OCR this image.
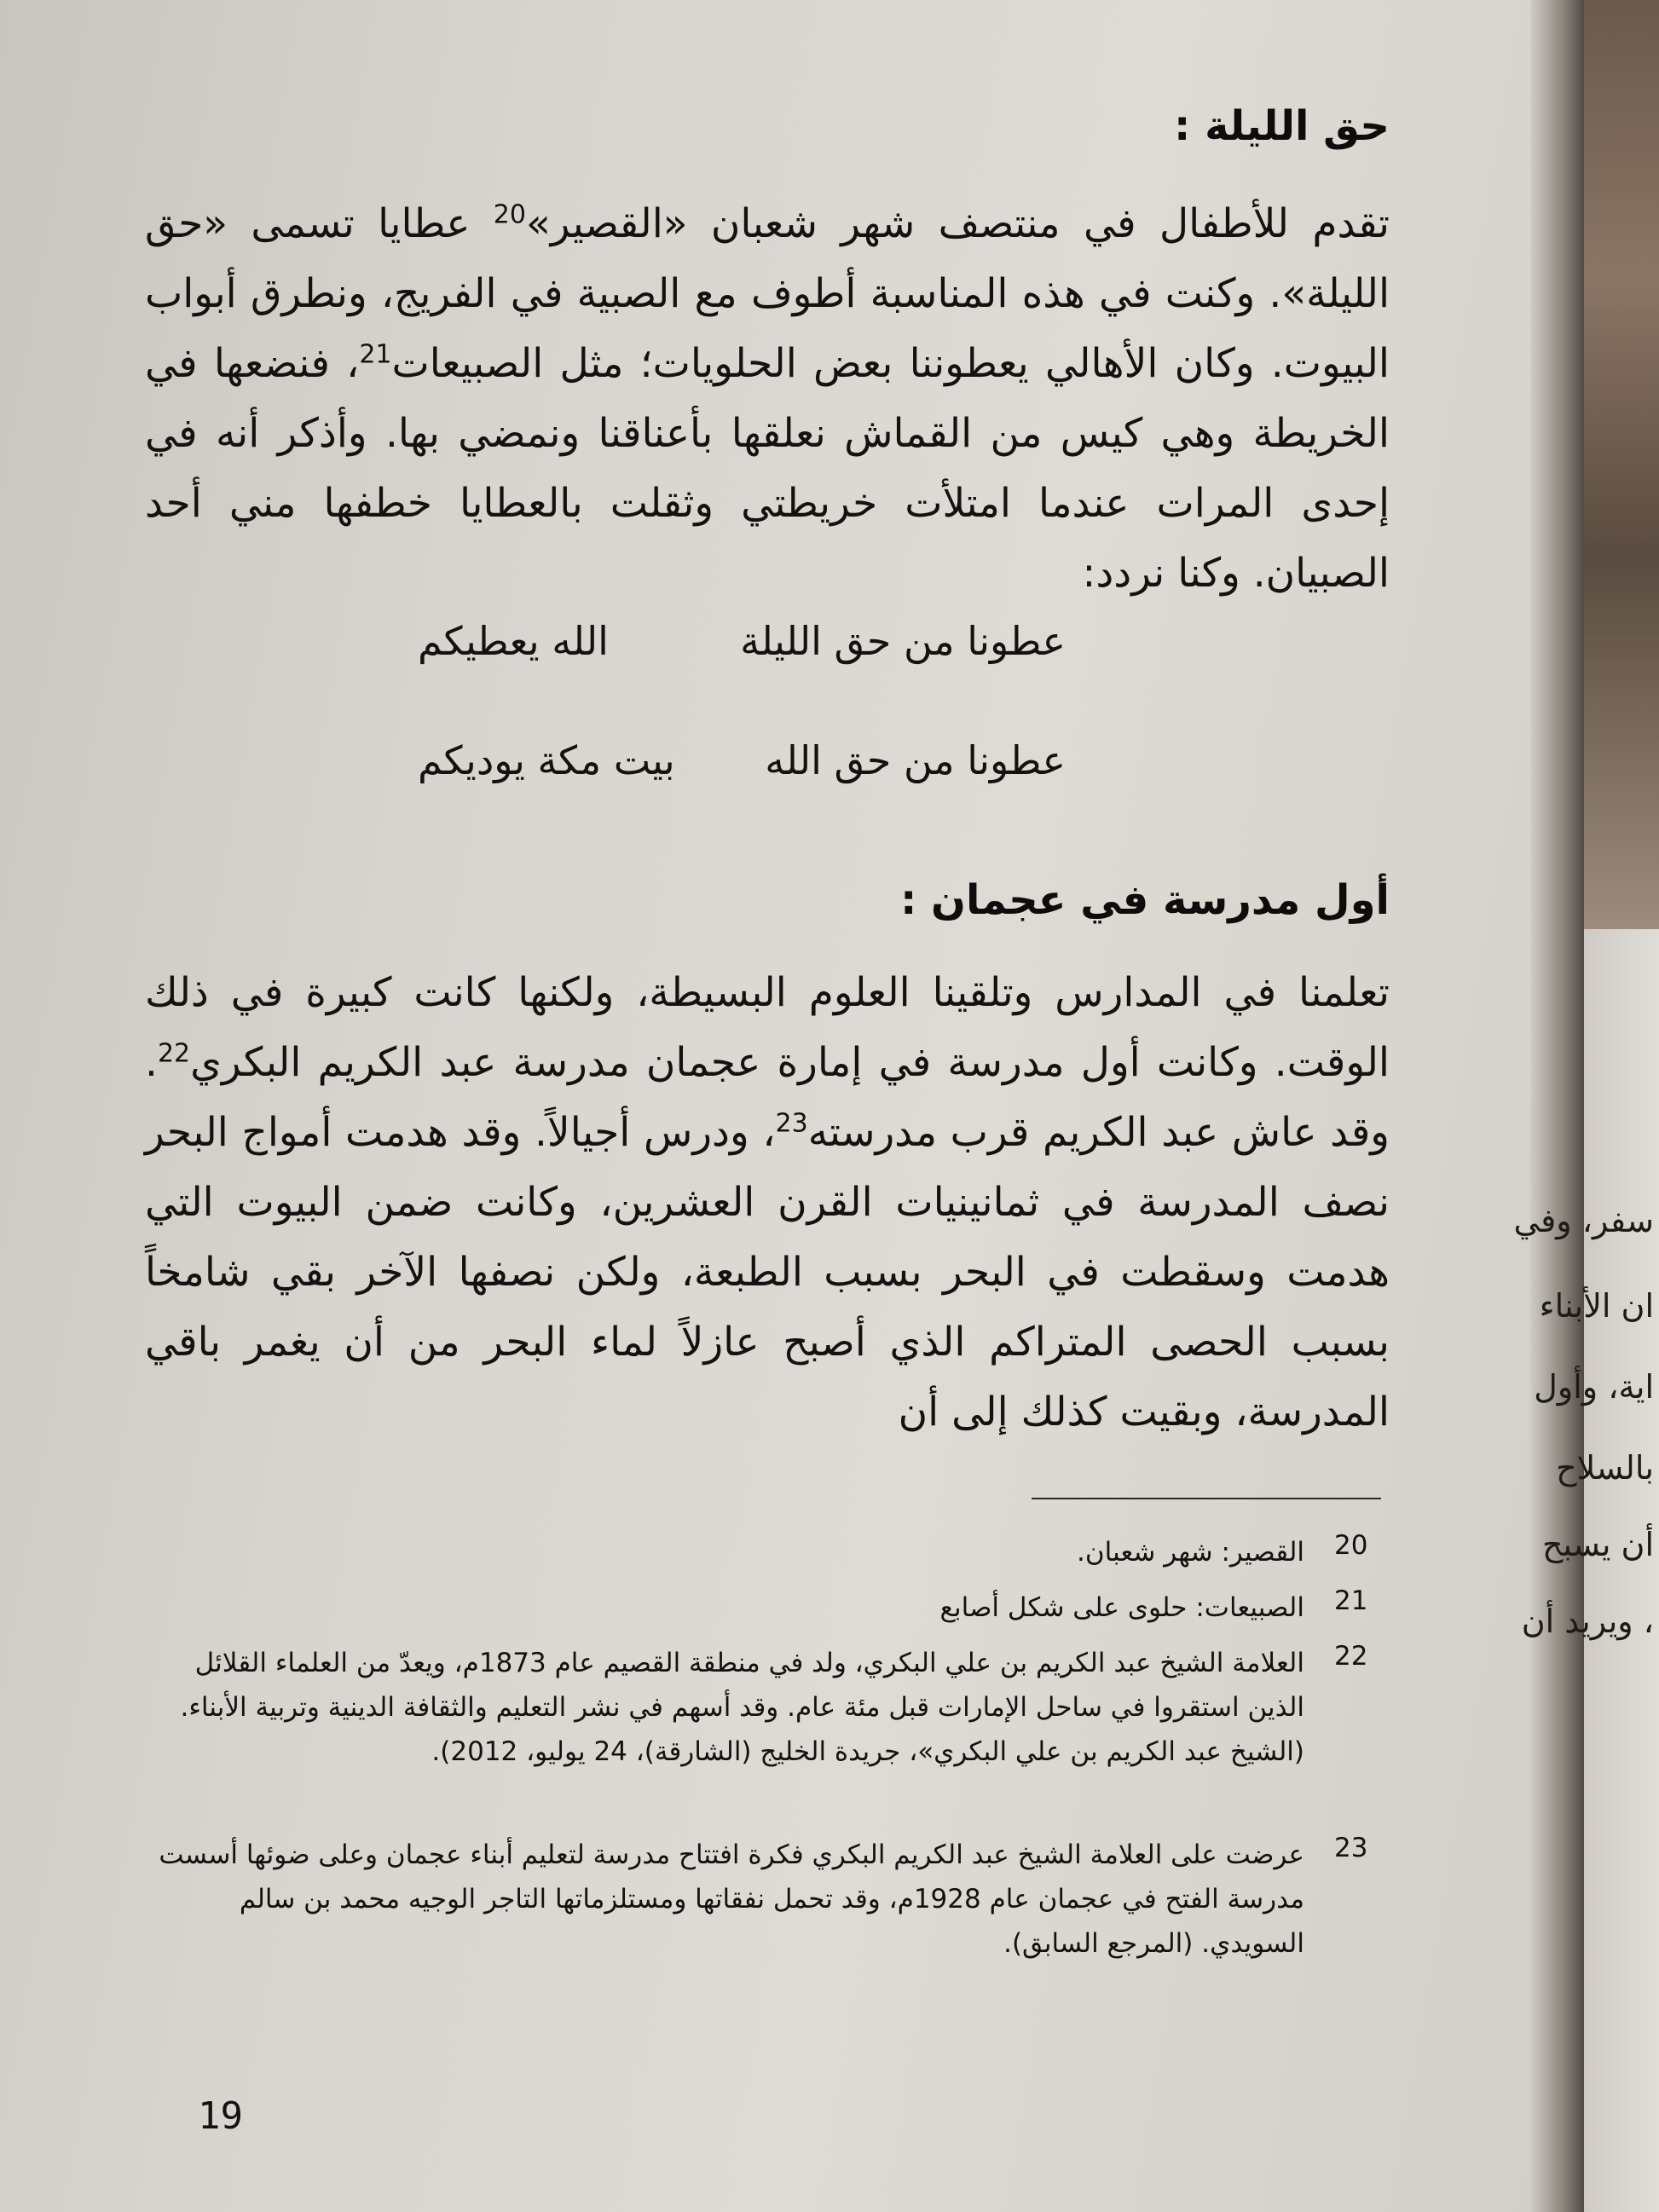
حق الليلة :
تقدم للأطفال في منتصف شهر شعبان «القصير»$^{20}$ عطايا تسمى «حق الليلة». وكنت في هذه المناسبة أطوف مع الصبية في الفريج، ونطرق أبواب البيوت. وكان الأهالي يعطوننا بعض الحلويات؛ مثل الصبيعات$^{21}$، فنضعها في الخريطة وهي كيس من القماش نعلقها بأعناقنا ونمضي بها. وأذكر أنه في إحدى المرات عندما امتلأت خريطتي وثقلت بالعطايا خطفها مني أحد الصبيان. وكنا نردد:
عطونا من حق الليلة
الله يعطيكم
عطونا من حق الله
بيت مكة يوديكم
أول مدرسة في عجمان :
تعلمنا في المدارس وتلقينا العلوم البسيطة، ولكنها كانت كبيرة في ذلك الوقت. وكانت أول مدرسة في إمارة عجمان مدرسة عبد الكريم البكري$^{22}$. وقد عاش عبد الكريم قرب مدرسته$^{23}$، ودرس أجيالاً. وقد هدمت أمواج البحر نصف المدرسة في ثمانينيات القرن العشرين، وكانت ضمن البيوت التي هدمت وسقطت في البحر بسبب الطبعة، ولكن نصفها الآخر بقي شامخاً بسبب الحصى المتراكم الذي أصبح عازلاً لماء البحر من أن يغمر باقي المدرسة، وبقيت كذلك إلى أن
20
القصير: شهر شعبان.
21
الصبيعات: حلوى على شكل أصابع
22
العلامة الشيخ عبد الكريم بن علي البكري، ولد في منطقة القصيم عام 1873م، ويعدّ من العلماء القلائل الذين استقروا في ساحل الإمارات قبل مئة عام. وقد أسهم في نشر التعليم والثقافة الدينية وتربية الأبناء. (الشيخ عبد الكريم بن علي البكري»، جريدة الخليج (الشارقة)، 24 يوليو، 2012).
23
عرضت على العلامة الشيخ عبد الكريم البكري فكرة افتتاح مدرسة لتعليم أبناء عجمان وعلى ضوئها أسست مدرسة الفتح في عجمان عام 1928م، وقد تحمل نفقاتها ومستلزماتها التاجر الوجيه محمد بن سالم السويدي. (المرجع السابق).
19
سفر، وفي
ان الأبناء
اية، وأول
بالسلاح
أن يسبح
، ويريد أن
